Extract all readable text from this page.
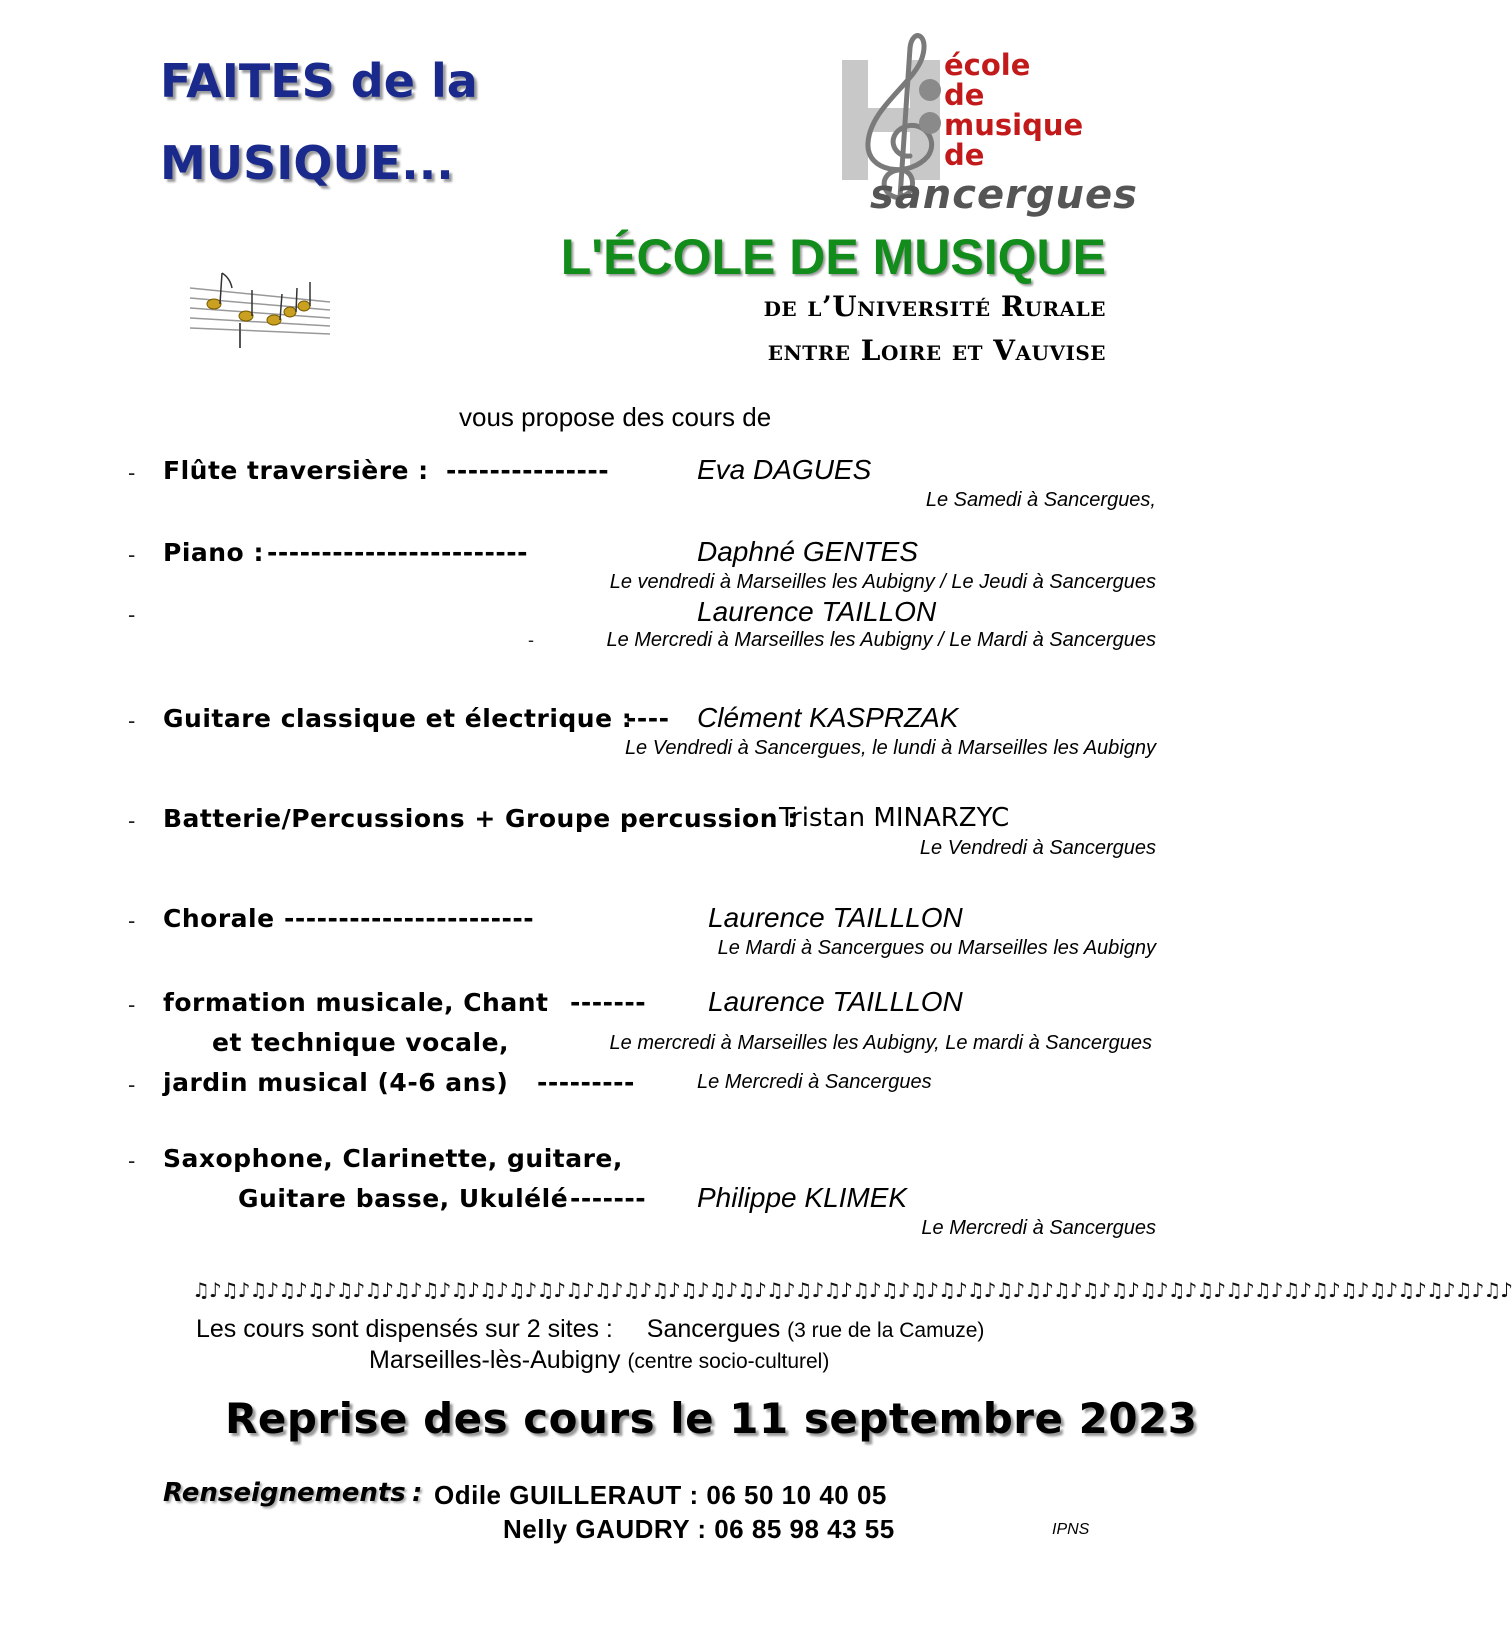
FAITES de la
MUSIQUE...
école
de
musique
de
sancergues
L'ÉCOLE DE MUSIQUE
de l’Université Rurale
entre Loire et Vauvise
vous propose des cours de
- Flûte traversière : ---------------	Eva DAGUES
Le Samedi à Sancergues,
- Piano : ------------------------	Daphné GENTES
Le vendredi à Marseilles les Aubigny / Le Jeudi à Sancergues
-	Laurence TAILLON
-	Le Mercredi à Marseilles les Aubigny / Le Mardi à Sancergues
- Guitare classique et électrique :
---- Clément KASPRZAK
Le Vendredi à Sancergues, le lundi à Marseilles les Aubigny
- Batterie/Percussions + Groupe percussion :
Tristan MINARZYC
Le Vendredi à Sancergues
- Chorale -----------------------	Laurence TAILLLON
Le Mardi à Sancergues ou Marseilles les Aubigny
- formation musicale, Chant
et technique vocale,
------- Laurence TAILLLON
Le mercredi à Marseilles les Aubigny, Le mardi à Sancergues
- jardin musical (4-6 ans) ---------	Le Mercredi à Sancergues
- Saxophone, Clarinette, guitare,
Guitare basse, Ukulélé ------- Philippe KLIMEK
Le Mercredi à Sancergues
♫♪♫♪♫♪♫♪♫♪♫♪♫♪♫♪♫♪♫♪♫♪♫♪♫♪♫♪♫♪♫♪♫♪♫♪♫♪♫♪♫♪♫♪♫♪♫♪♫♪♫♪♫♪♫♪♫♪♫♪♫♪♫♪♫♪♫♪♫♪♫♪♫♪♫♪♫♪♫♪♫♪♫♪♫♪♫♪♫♪♫♪
Les cours sont dispensés sur 2 sites : Sancergues (3 rue de la Camuze)
Marseilles-lès-Aubigny (centre socio-culturel)
Reprise des cours le 11 septembre 2023
Renseignements : Odile GUILLERAUT : 06 50 10 40 05
Nelly GAUDRY : 06 85 98 43 55	IPNS
